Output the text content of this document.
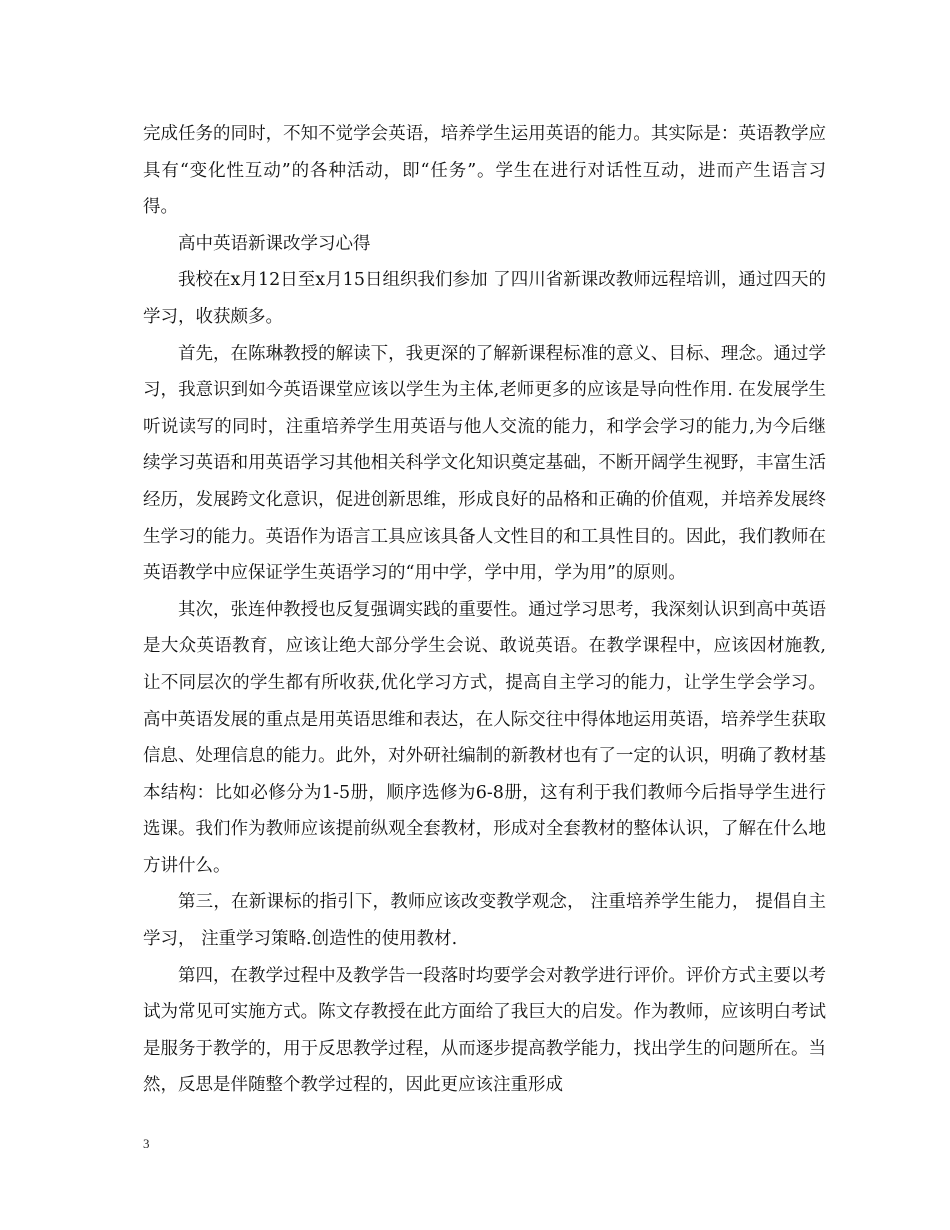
完成任务的同时，不知不觉学会英语，培养学生运用英语的能力。其实际是：英语教学应具有“变化性互动”的各种活动，即“任务”。学生在进行对话性互动，进而产生语言习得。

高中英语新课改学习心得

我校在x月12日至x月15日组织我们参加 了四川省新课改教师远程培训，通过四天的学习，收获颇多。

首先，在陈琳教授的解读下，我更深的了解新课程标准的意义、目标、理念。通过学习，我意识到如今英语课堂应该以学生为主体,老师更多的应该是导向性作用. 在发展学生听说读写的同时，注重培养学生用英语与他人交流的能力，和学会学习的能力,为今后继续学习英语和用英语学习其他相关科学文化知识奠定基础，不断开阔学生视野，丰富生活经历，发展跨文化意识，促进创新思维，形成良好的品格和正确的价值观，并培养发展终生学习的能力。英语作为语言工具应该具备人文性目的和工具性目的。因此，我们教师在英语教学中应保证学生英语学习的“用中学，学中用，学为用”的原则。

其次，张连仲教授也反复强调实践的重要性。通过学习思考，我深刻认识到高中英语是大众英语教育，应该让绝大部分学生会说、敢说英语。在教学课程中，应该因材施教,让不同层次的学生都有所收获,优化学习方式，提高自主学习的能力，让学生学会学习。高中英语发展的重点是用英语思维和表达，在人际交往中得体地运用英语，培养学生获取信息、处理信息的能力。此外，对外研社编制的新教材也有了一定的认识，明确了教材基本结构：比如必修分为1-5册，顺序选修为6-8册，这有利于我们教师今后指导学生进行选课。我们作为教师应该提前纵观全套教材，形成对全套教材的整体认识，了解在什么地方讲什么。

第三，在新课标的指引下，教师应该改变教学观念， 注重培养学生能力， 提倡自主学习， 注重学习策略.创造性的使用教材.

第四，在教学过程中及教学告一段落时均要学会对教学进行评价。评价方式主要以考试为常见可实施方式。陈文存教授在此方面给了我巨大的启发。作为教师，应该明白考试是服务于教学的，用于反思教学过程，从而逐步提高教学能力，找出学生的问题所在。当然，反思是伴随整个教学过程的，因此更应该注重形成

3
